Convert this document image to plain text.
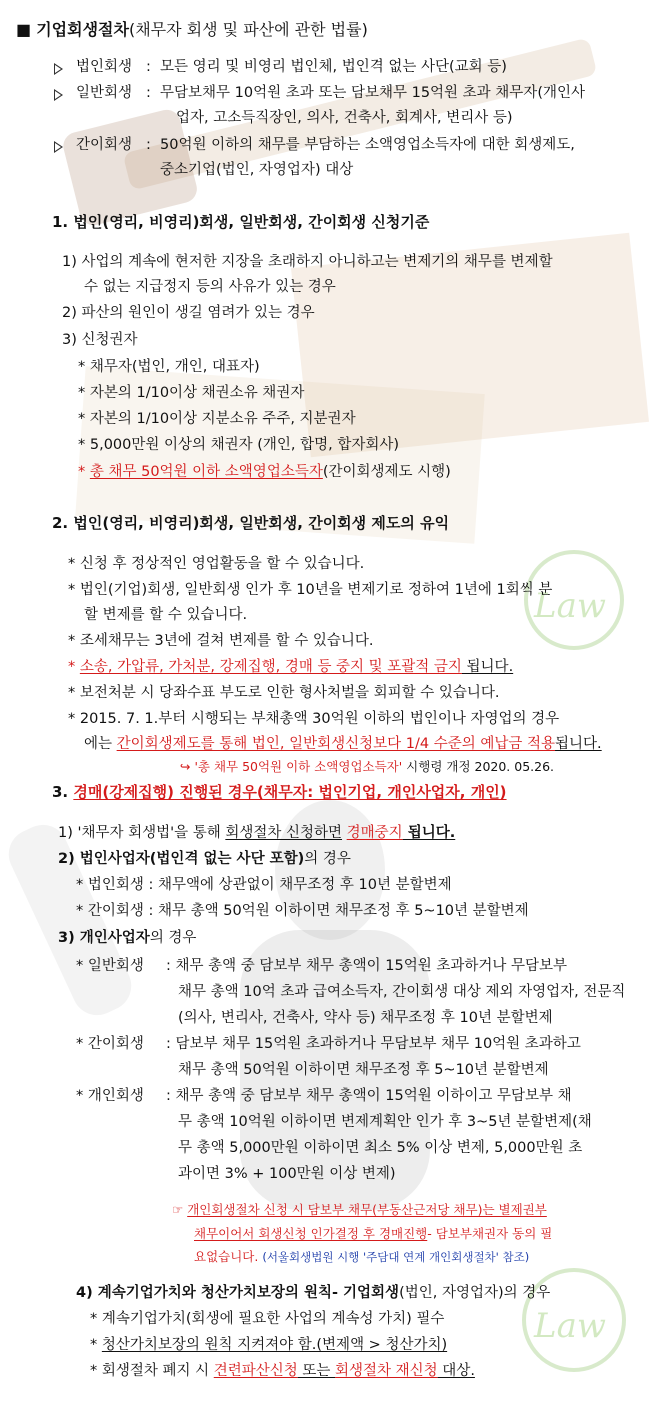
Law
Law
■ 기업회생절차(채무자 회생 및 파산에 관한 법률)
법인회생 : 모든 영리 및 비영리 법인체, 법인격 없는 사단(교회 등)
일반회생 : 무담보채무 10억원 초과 또는 담보채무 15억원 초과 채무자(개인사
업자, 고소득직장인, 의사, 건축사, 회계사, 변리사 등)
간이회생 : 50억원 이하의 채무를 부담하는 소액영업소득자에 대한 회생제도,
중소기업(법인, 자영업자) 대상
1. 법인(영리, 비영리)회생, 일반회생, 간이회생 신청기준
1) 사업의 계속에 현저한 지장을 초래하지 아니하고는 변제기의 채무를 변제할
수 없는 지급정지 등의 사유가 있는 경우
2) 파산의 원인이 생길 염려가 있는 경우
3) 신청권자
* 채무자(법인, 개인, 대표자)
* 자본의 1/10이상 채권소유 채권자
* 자본의 1/10이상 지분소유 주주, 지분권자
* 5,000만원 이상의 채권자 (개인, 합명, 합자회사)
* 총 채무 50억원 이하 소액영업소득자(간이회생제도 시행)
2. 법인(영리, 비영리)회생, 일반회생, 간이회생 제도의 유익
* 신청 후 정상적인 영업활동을 할 수 있습니다.
* 법인(기업)회생, 일반회생 인가 후 10년을 변제기로 정하여 1년에 1회씩 분
할 변제를 할 수 있습니다.
* 조세채무는 3년에 걸쳐 변제를 할 수 있습니다.
* 소송, 가압류, 가처분, 강제집행, 경매 등 중지 및 포괄적 금지 됩니다.
* 보전처분 시 당좌수표 부도로 인한 형사처벌을 회피할 수 있습니다.
* 2015. 7. 1.부터 시행되는 부채총액 30억원 이하의 법인이나 자영업의 경우
에는 간이회생제도를 통해 법인, 일반회생신청보다 1/4 수준의 예납금 적용됩니다.
↪ '총 채무 50억원 이하 소액영업소득자' 시행령 개정 2020. 05.26.
3. 경매(강제집행) 진행된 경우(채무자: 법인기업, 개인사업자, 개인)
1) '채무자 회생법'을 통해 회생절차 신청하면 경매중지 됩니다.
2) 법인사업자(법인격 없는 사단 포함)의 경우
* 법인회생 : 채무액에 상관없이 채무조정 후 10년 분할변제
* 간이회생 : 채무 총액 50억원 이하이면 채무조정 후 5~10년 분할변제
3) 개인사업자의 경우
* 일반회생 : 채무 총액 중 담보부 채무 총액이 15억원 초과하거나 무담보부
채무 총액 10억 초과 급여소득자, 간이회생 대상 제외 자영업자, 전문직
(의사, 변리사, 건축사, 약사 등) 채무조정 후 10년 분할변제
* 간이회생 : 담보부 채무 15억원 초과하거나 무담보부 채무 10억원 초과하고
채무 총액 50억원 이하이면 채무조정 후 5~10년 분할변제
* 개인회생 : 채무 총액 중 담보부 채무 총액이 15억원 이하이고 무담보부 채
무 총액 10억원 이하이면 변제계획안 인가 후 3~5년 분할변제(채
무 총액 5,000만원 이하이면 최소 5% 이상 변제, 5,000만원 초
과이면 3% + 100만원 이상 변제)
☞ 개인회생절차 신청 시 담보부 채무(부동산근저당 채무)는 별제권부
채무이어서 회생신청 인가결정 후 경매진행- 담보부채권자 동의 필
요없습니다. (서울회생법원 시행 '주담대 연계 개인회생절차' 참조)
4) 계속기업가치와 청산가치보장의 원칙- 기업회생(법인, 자영업자)의 경우
* 계속기업가치(회생에 필요한 사업의 계속성 가치) 필수
* 청산가치보장의 원칙 지켜져야 함.(변제액 > 청산가치)
* 회생절차 폐지 시 견련파산신청 또는 회생절차 재신청 대상.
